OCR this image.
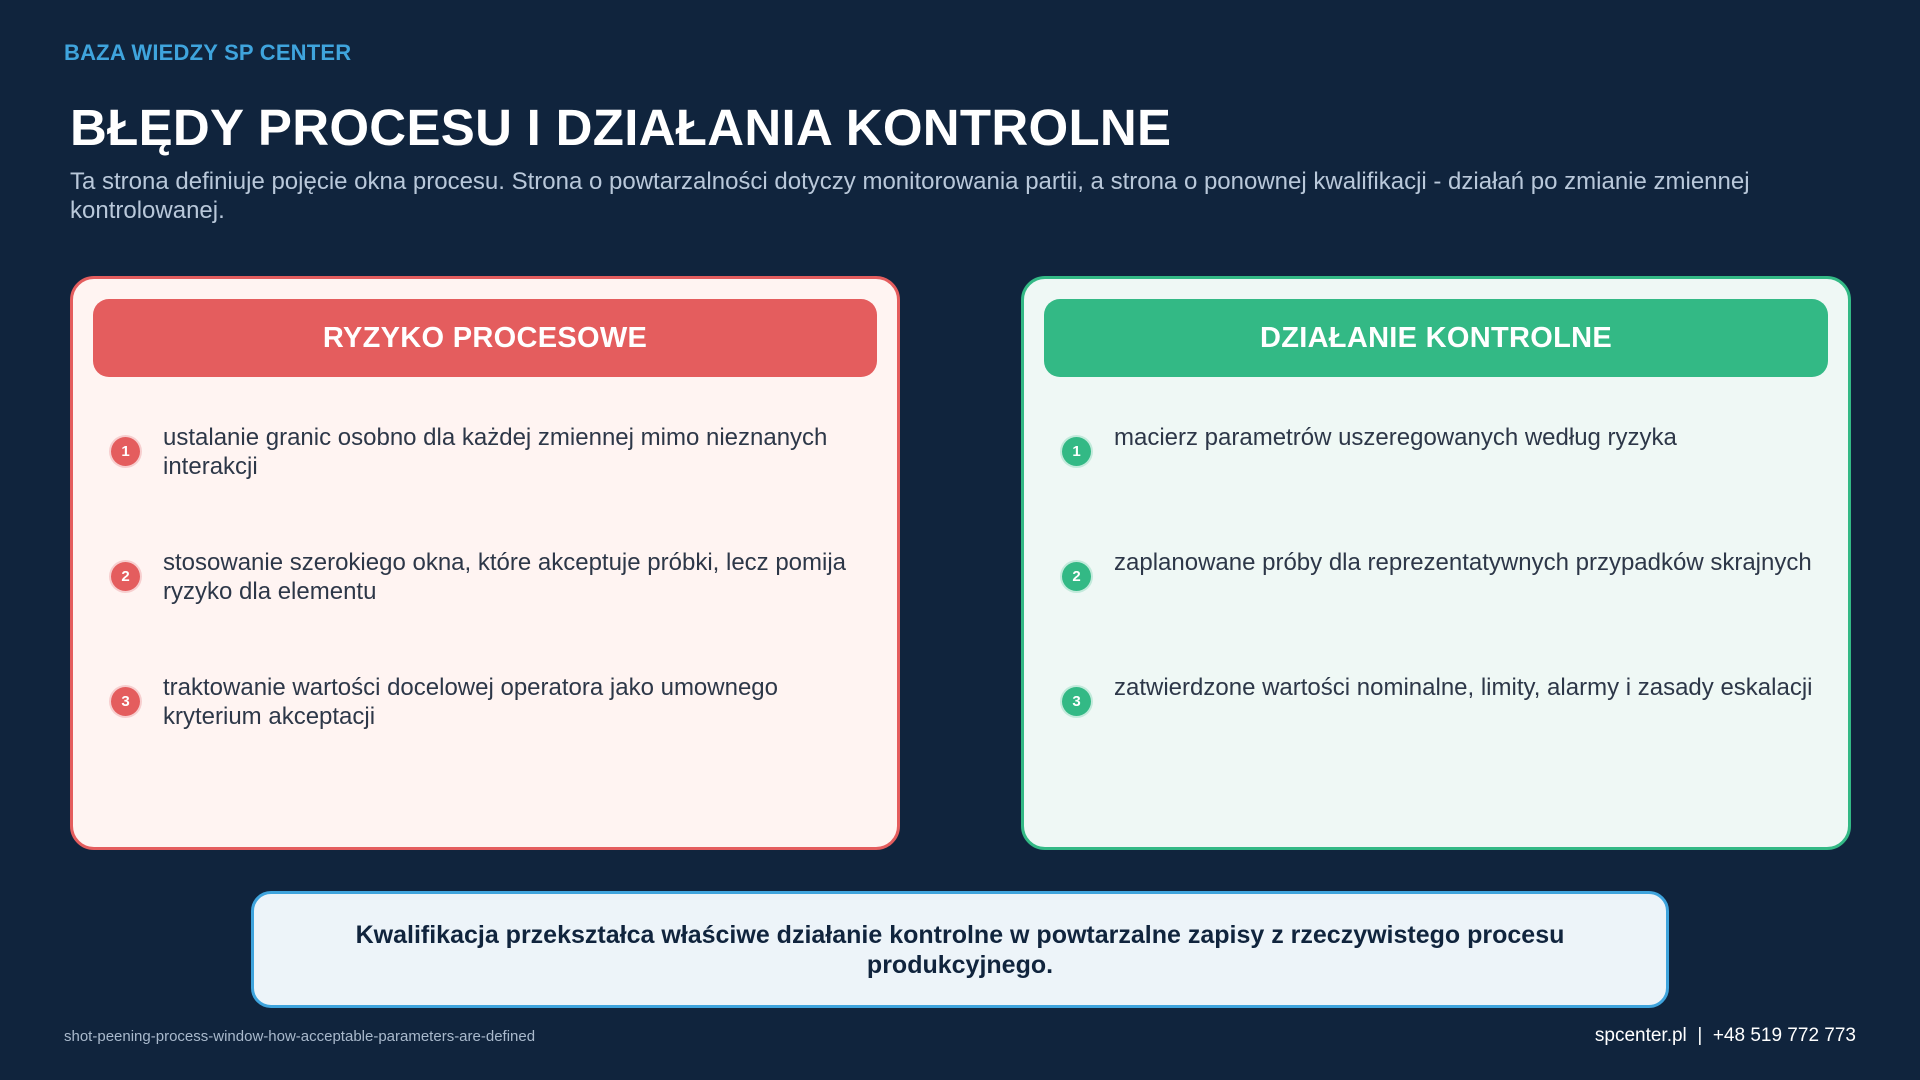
BAZA WIEDZY SP CENTER
BŁĘDY PROCESU I DZIAŁANIA KONTROLNE

Ta strona definiuje pojęcie okna procesu. Strona o powtarzalności dotyczy monitorowania partii, a strona o ponownej kwalifikacji - działań po zmianie zmiennej kontrolowanej.

RYZYKO PROCESOWE
1
ustalanie granic osobno dla każdej zmiennej mimo nieznanych interakcji
2
stosowanie szerokiego okna, które akceptuje próbki, lecz pomija ryzyko dla elementu
3
traktowanie wartości docelowej operatora jako umownego kryterium akceptacji
DZIAŁANIE KONTROLNE
1
macierz parametrów uszeregowanych według ryzyka
2
zaplanowane próby dla reprezentatywnych przypadków skrajnych
3
zatwierdzone wartości nominalne, limity, alarmy i zasady eskalacji
Kwalifikacja przekształca właściwe działanie kontrolne w powtarzalne zapisy z rzeczywistego procesu produkcyjnego.
shot-peening-process-window-how-acceptable-parameters-are-defined	spcenter.pl  |  +48 519 772 773
